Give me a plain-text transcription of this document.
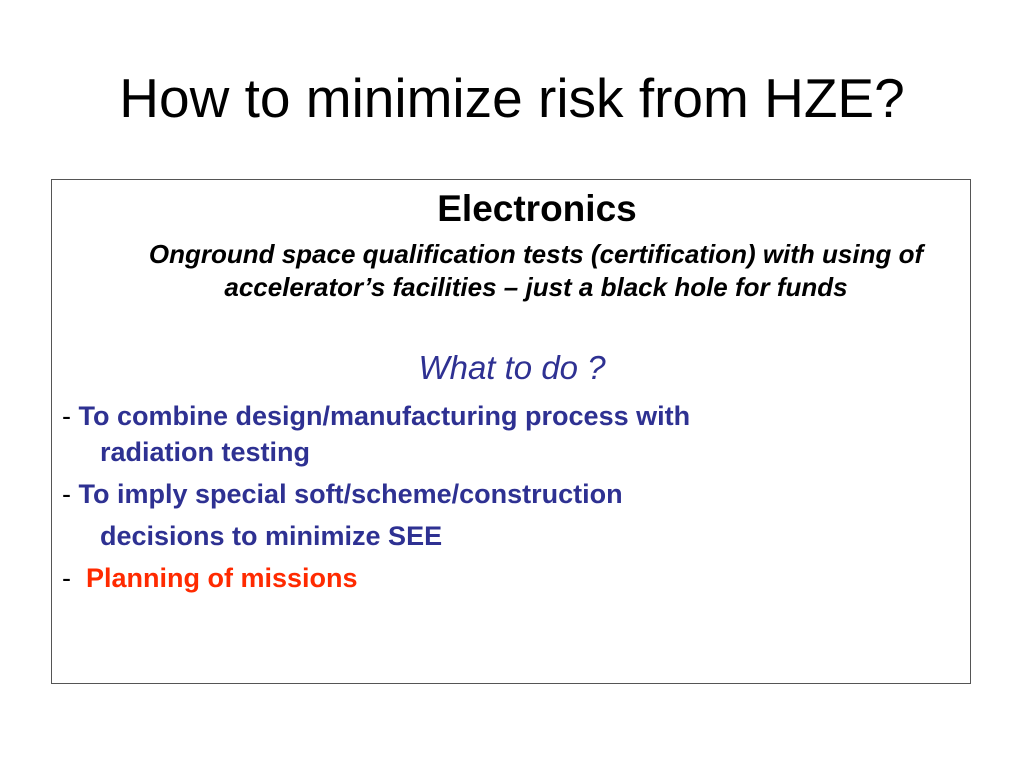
How to minimize risk from HZE?
Electronics

Onground space qualification tests (certification) with using of accelerator’s facilities – just a black hole for funds

What to do ?

- To combine design/manufacturing process with
radiation testing
- To imply special soft/scheme/construction
decisions to minimize SEE
- Planning of missions
